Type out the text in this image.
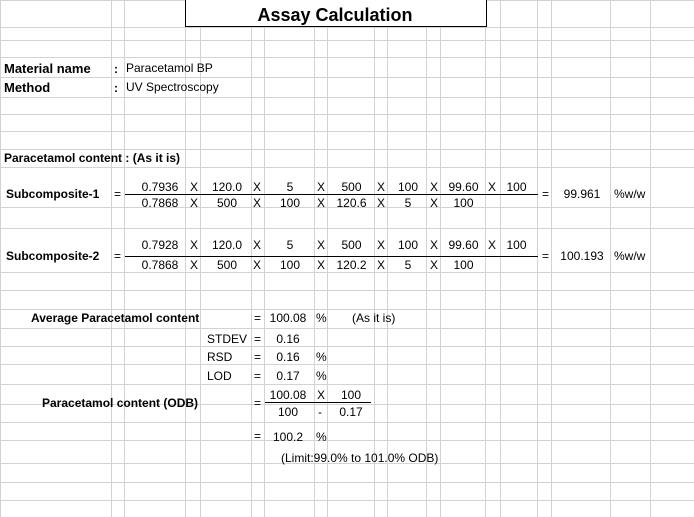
Assay Calculation
Material name : Paracetamol BP
Method	: UV Spectroscopy
Paracetamol content : (As it is)
Subcomposite-1 =	0.7936 X	120.0 X	5	X	500	X	100 X 99.60 X 100
0.7868 X	500	X	100	X 120.6 X	5	X	100
=	99.961	%w/w
Subcomposite-2 =
0.7928 X	120.0 X	5	X	500	X	100 X 99.60 X 100
0.7868 X	500	X	100	X 120.2 X	5	X	100
= 100.193 %w/w
Average Paracetamol content	= 100.08 % (As it is)
STDEV =	0.16
RSD =	0.16	%
LOD =	0.17	%
Paracetamol content (ODB)	=
100.08 X	100
100	-	0.17
= 100.2	%
(Limit:99.0% to 101.0% ODB)
